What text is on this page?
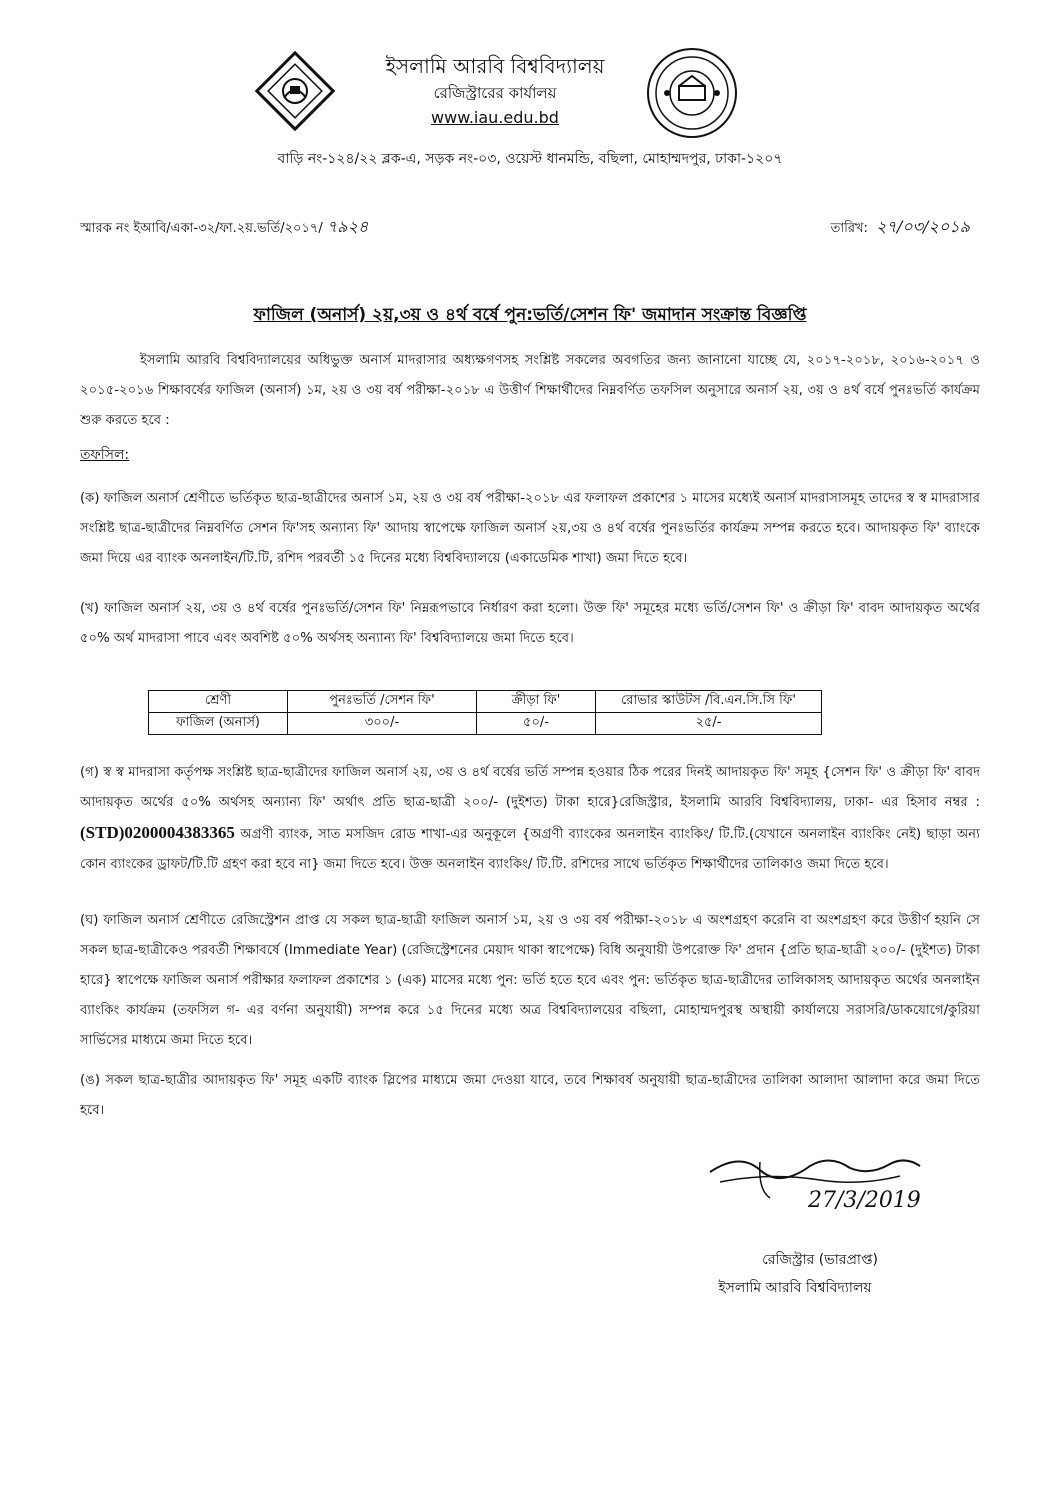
ইসলামি আরবি বিশ্ববিদ্যালয়
রেজিস্ট্রারের কার্যালয়
www.iau.edu.bd
বাড়ি নং-১২৪/২২ ব্লক-এ, সড়ক নং-০৩, ওয়েস্ট ধানমন্ডি, বছিলা, মোহাম্মদপুর, ঢাকা-১২০৭
স্মারক নং ইআবি/একা-৩২/ফা.২য়.ভর্তি/২০১৭/ ৭৯২৪	তারিখ: ২৭/০৩/২০১৯
ফাজিল (অনার্স) ২য়,৩য় ও ৪র্থ বর্ষে পুন:ভর্তি/সেশন ফি' জমাদান সংক্রান্ত বিজ্ঞপ্তি
ইসলামি আরবি বিশ্ববিদ্যালয়ের অধিভুক্ত অনার্স মাদরাসার অধ্যক্ষগণসহ সংশ্লিষ্ট সকলের অবগতির জন্য জানানো যাচ্ছে যে, ২০১৭-২০১৮, ২০১৬-২০১৭ ও ২০১৫-২০১৬ শিক্ষাবর্ষের ফাজিল (অনার্স) ১ম, ২য় ও ৩য় বর্ষ পরীক্ষা-২০১৮ এ উত্তীর্ণ শিক্ষার্থীদের নিম্নবর্ণিত তফসিল অনুসারে অনার্স ২য়, ৩য় ও ৪র্থ বর্ষে পুনঃভর্তি কার্যক্রম শুরু করতে হবে :
তফসিল:
(ক) ফাজিল অনার্স শ্রেণীতে ভর্তিকৃত ছাত্র-ছাত্রীদের অনার্স ১ম, ২য় ও ৩য় বর্ষ পরীক্ষা-২০১৮ এর ফলাফল প্রকাশের ১ মাসের মধ্যেই অনার্স মাদরাসাসমূহ তাদের স্ব স্ব মাদরাসার সংশ্লিষ্ট ছাত্র-ছাত্রীদের নিম্নবর্ণিত সেশন ফি'সহ অন্যান্য ফি' আদায় স্বাপেক্ষে ফাজিল অনার্স ২য়,৩য় ও ৪র্থ বর্ষের পুনঃভর্তির কার্যক্রম সম্পন্ন করতে হবে। আদায়কৃত ফি' ব্যাংকে জমা দিয়ে এর ব্যাংক অনলাইন/টি.টি, রশিদ পরবর্তী ১৫ দিনের মধ্যে বিশ্ববিদ্যালয়ে (একাডেমিক শাখা) জমা দিতে হবে।
(খ) ফাজিল অনার্স ২য়, ৩য় ও ৪র্থ বর্ষের পুনঃভর্তি/সেশন ফি' নিম্নরূপভাবে নির্ধারণ করা হলো। উক্ত ফি' সমূহের মধ্যে ভর্তি/সেশন ফি' ও ক্রীড়া ফি' বাবদ আদায়কৃত অর্থের ৫০% অর্থ মাদরাসা পাবে এবং অবশিষ্ট ৫০% অর্থসহ অন্যান্য ফি' বিশ্ববিদ্যালয়ে জমা দিতে হবে।
শ্রেণী	পুনঃভর্তি /সেশন ফি'	ক্রীড়া ফি'	রোভার স্কাউটস /বি.এন.সি.সি ফি'
ফাজিল (অনার্স)	৩০০/-	৫০/-	২৫/-
(গ) স্ব স্ব মাদরাসা কর্তৃপক্ষ সংশ্লিষ্ট ছাত্র-ছাত্রীদের ফাজিল অনার্স ২য়, ৩য় ও ৪র্থ বর্ষের ভর্তি সম্পন্ন হওয়ার ঠিক পরের দিনই আদায়কৃত ফি' সমূহ {সেশন ফি' ও ক্রীড়া ফি' বাবদ আদায়কৃত অর্থের ৫০% অর্থসহ অন্যান্য ফি' অর্থাৎ প্রতি ছাত্র-ছাত্রী ২০০/- (দুইশত) টাকা হারে}রেজিস্ট্রার, ইসলামি আরবি বিশ্ববিদ্যালয়, ঢাকা- এর হিসাব নম্বর : (STD)0200004383365 অগ্রণী ব্যাংক, সাত মসজিদ রোড শাখা-এর অনুকূলে {অগ্রণী ব্যাংকের অনলাইন ব্যাংকিং/ টি.টি.(যেখানে অনলাইন ব্যাংকিং নেই) ছাড়া অন্য কোন ব্যাংকের ড্রাফট/টি.টি গ্রহণ করা হবে না} জমা দিতে হবে। উক্ত অনলাইন ব্যাংকিং/ টি.টি. রশিদের সাথে ভর্তিকৃত শিক্ষার্থীদের তালিকাও জমা দিতে হবে।
(ঘ) ফাজিল অনার্স শ্রেণীতে রেজিস্ট্রেশন প্রাপ্ত যে সকল ছাত্র-ছাত্রী ফাজিল অনার্স ১ম, ২য় ও ৩য় বর্ষ পরীক্ষা-২০১৮ এ অংশগ্রহণ করেনি বা অংশগ্রহণ করে উত্তীর্ণ হয়নি সে সকল ছাত্র-ছাত্রীকেও পরবর্তী শিক্ষাবর্ষে (Immediate Year) (রেজিস্ট্রেশনের মেয়াদ থাকা স্বাপেক্ষে) বিধি অনুযায়ী উপরোক্ত ফি' প্রদান {প্রতি ছাত্র-ছাত্রী ২০০/- (দুইশত) টাকা হারে} স্বাপেক্ষে ফাজিল অনার্স পরীক্ষার ফলাফল প্রকাশের ১ (এক) মাসের মধ্যে পুন: ভর্তি হতে হবে এবং পুন: ভর্তিকৃত ছাত্র-ছাত্রীদের তালিকাসহ আদায়কৃত অর্থের অনলাইন ব্যাংকিং কার্যক্রম (তফসিল গ- এর বর্ণনা অনুযায়ী) সম্পন্ন করে ১৫ দিনের মধ্যে অত্র বিশ্ববিদ্যালয়ের বছিলা, মোহাম্মদপুরস্থ অস্থায়ী কার্যালয়ে সরাসরি/ডাকযোগে/কুরিয়া সার্ভিসের মাধ্যমে জমা দিতে হবে।
(ঙ) সকল ছাত্র-ছাত্রীর আদায়কৃত ফি' সমূহ একটি ব্যাংক স্লিপের মাধ্যমে জমা দেওয়া যাবে, তবে শিক্ষাবর্ষ অনুযায়ী ছাত্র-ছাত্রীদের তালিকা আলাদা আলাদা করে জমা দিতে হবে।
27/3/2019
রেজিস্ট্রার (ভারপ্রাপ্ত)
ইসলামি আরবি বিশ্ববিদ্যালয়
